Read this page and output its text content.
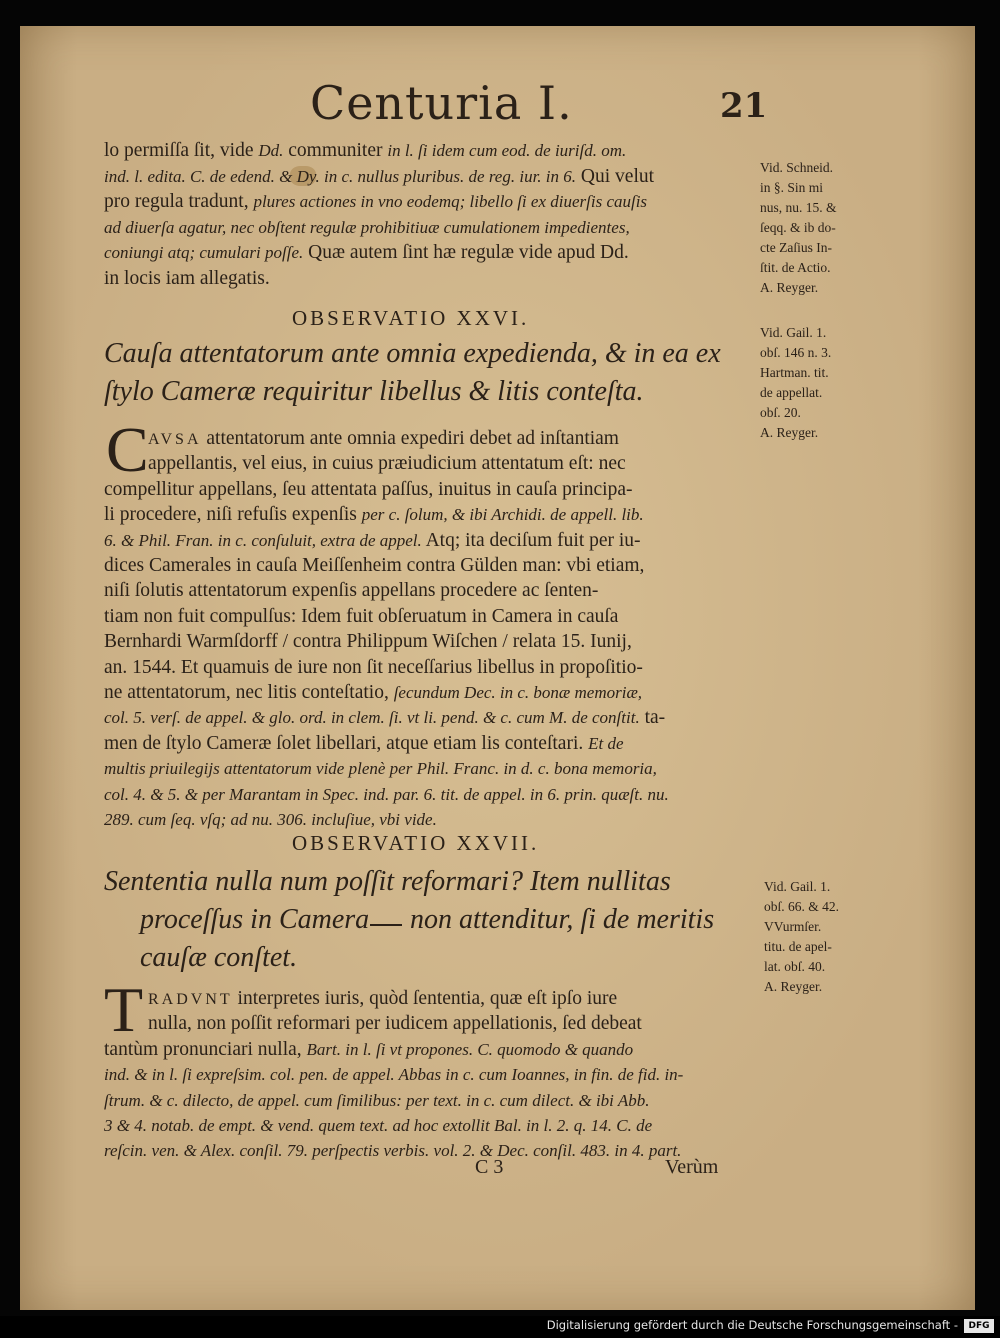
Centuria I.	21
lo permiſſa ſit, vide Dd. communiter in l. ſi idem cum eod. de iuriſd. om.
ind. l. edita. C. de edend. & Dy. in c. nullus pluribus. de reg. iur. in 6. Qui velut
pro regula tradunt, plures actiones in vno eodemq; libello ſi ex diuerſis cauſis
ad diuerſa agatur, nec obſtent regulæ prohibitiuæ cumulationem impedientes,
coniungi atq; cumulari poſſe. Quæ autem ſint hæ regulæ vide apud Dd.
in locis iam allegatis.
Vid. Schneid.
in §. Sin mi
nus, nu. 15. &
ſeqq. & ib do-
cte Zaſius In-
ſtit. de Actio.
A. Reyger.
OBSERVATIO XXVI.
Cauſa attentatorum ante omnia expedienda, & in ea ex
ſtylo Cameræ requiritur libellus & litis conteſta.
Vid. Gail. 1.
obſ. 146 n. 3.
Hartman. tit.
de appellat.
obſ. 20.
A. Reyger.
C AVSA attentatorum ante omnia expediri debet ad inſtantiam
appellantis, vel eius, in cuius præiudicium attentatum eſt: nec
compellitur appellans, ſeu attentata paſſus, inuitus in cauſa principa-
li procedere, niſi refuſis expenſis per c. ſolum, & ibi Archidi. de appell. lib.
6. & Phil. Fran. in c. conſuluit, extra de appel. Atq; ita deciſum fuit per iu-
dices Camerales in cauſa Meiſſenheim contra Gülden man: vbi etiam,
niſi ſolutis attentatorum expenſis appellans procedere ac ſenten-
tiam non fuit compulſus: Idem fuit obſeruatum in Camera in cauſa
Bernhardi Warmſdorff / contra Philippum Wiſchen / relata 15. Iunij,
an. 1544. Et quamuis de iure non ſit neceſſarius libellus in propoſitio-
ne attentatorum, nec litis conteſtatio, ſecundum Dec. in c. bonæ memoriæ,
col. 5. verſ. de appel. & glo. ord. in clem. ſi. vt li. pend. & c. cum M. de conſtit. ta-
men de ſtylo Cameræ ſolet libellari, atque etiam lis conteſtari. Et de
multis priuilegijs attentatorum vide plenè per Phil. Franc. in d. c. bona memoria,
col. 4. & 5. & per Marantam in Spec. ind. par. 6. tit. de appel. in 6. prin. quæſt. nu.
289. cum ſeq. vſq; ad nu. 306. incluſiue, vbi vide.
OBSERVATIO XXVII.
Sententia nulla num poſſit reformari? Item nullitas
proceſſus in Camera non attenditur, ſi de meritis
cauſæ conſtet.
Vid. Gail. 1.
obſ. 66. & 42.
VVurmſer.
titu. de apel-
lat. obſ. 40.
A. Reyger.
T RADVNT interpretes iuris, quòd ſententia, quæ eſt ipſo iure
nulla, non poſſit reformari per iudicem appellationis, ſed debeat
tantùm pronunciari nulla, Bart. in l. ſi vt propones. C. quomodo & quando
ind. & in l. ſi expreſsim. col. pen. de appel. Abbas in c. cum Ioannes, in fin. de fid. in-
ſtrum. & c. dilecto, de appel. cum ſimilibus: per text. in c. cum dilect. & ibi Abb.
3 & 4. notab. de empt. & vend. quem text. ad hoc extollit Bal. in l. 2. q. 14. C. de
reſcin. ven. & Alex. conſil. 79. perſpectis verbis. vol. 2. & Dec. conſil. 483. in 4. part.
C 3	Verùm
Digitalisierung gefördert durch die Deutsche Forschungsgemeinschaft -	DFG
